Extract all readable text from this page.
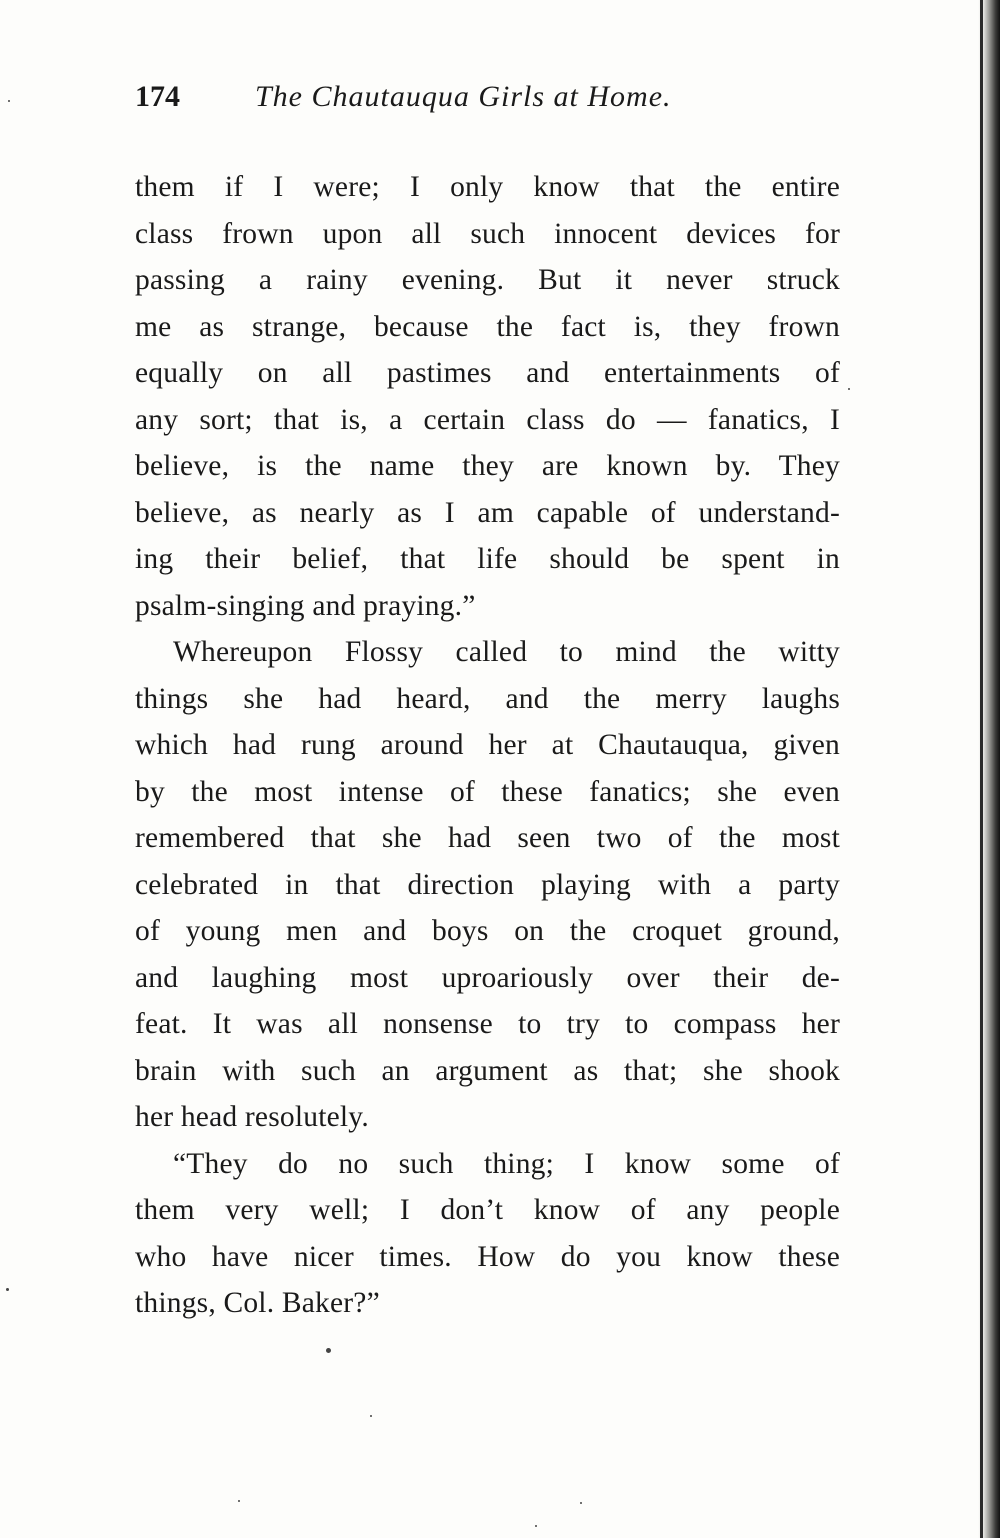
174	The Chautauqua Girls at Home.
them if I were; I only know that the entire
class frown upon all such innocent devices for
passing a rainy evening. But it never struck
me as strange, because the fact is, they frown
equally on all pastimes and entertainments of
any sort; that is, a certain class do — fanatics, I
believe, is the name they are known by. They
believe, as nearly as I am capable of understand-
ing their belief, that life should be spent in
psalm-singing and praying.”
Whereupon Flossy called to mind the witty
things she had heard, and the merry laughs
which had rung around her at Chautauqua, given
by the most intense of these fanatics; she even
remembered that she had seen two of the most
celebrated in that direction playing with a party
of young men and boys on the croquet ground,
and laughing most uproariously over their de-
feat. It was all nonsense to try to compass her
brain with such an argument as that; she shook
her head resolutely.
“They do no such thing; I know some of
them very well; I don’t know of any people
who have nicer times. How do you know these
things, Col. Baker?”
